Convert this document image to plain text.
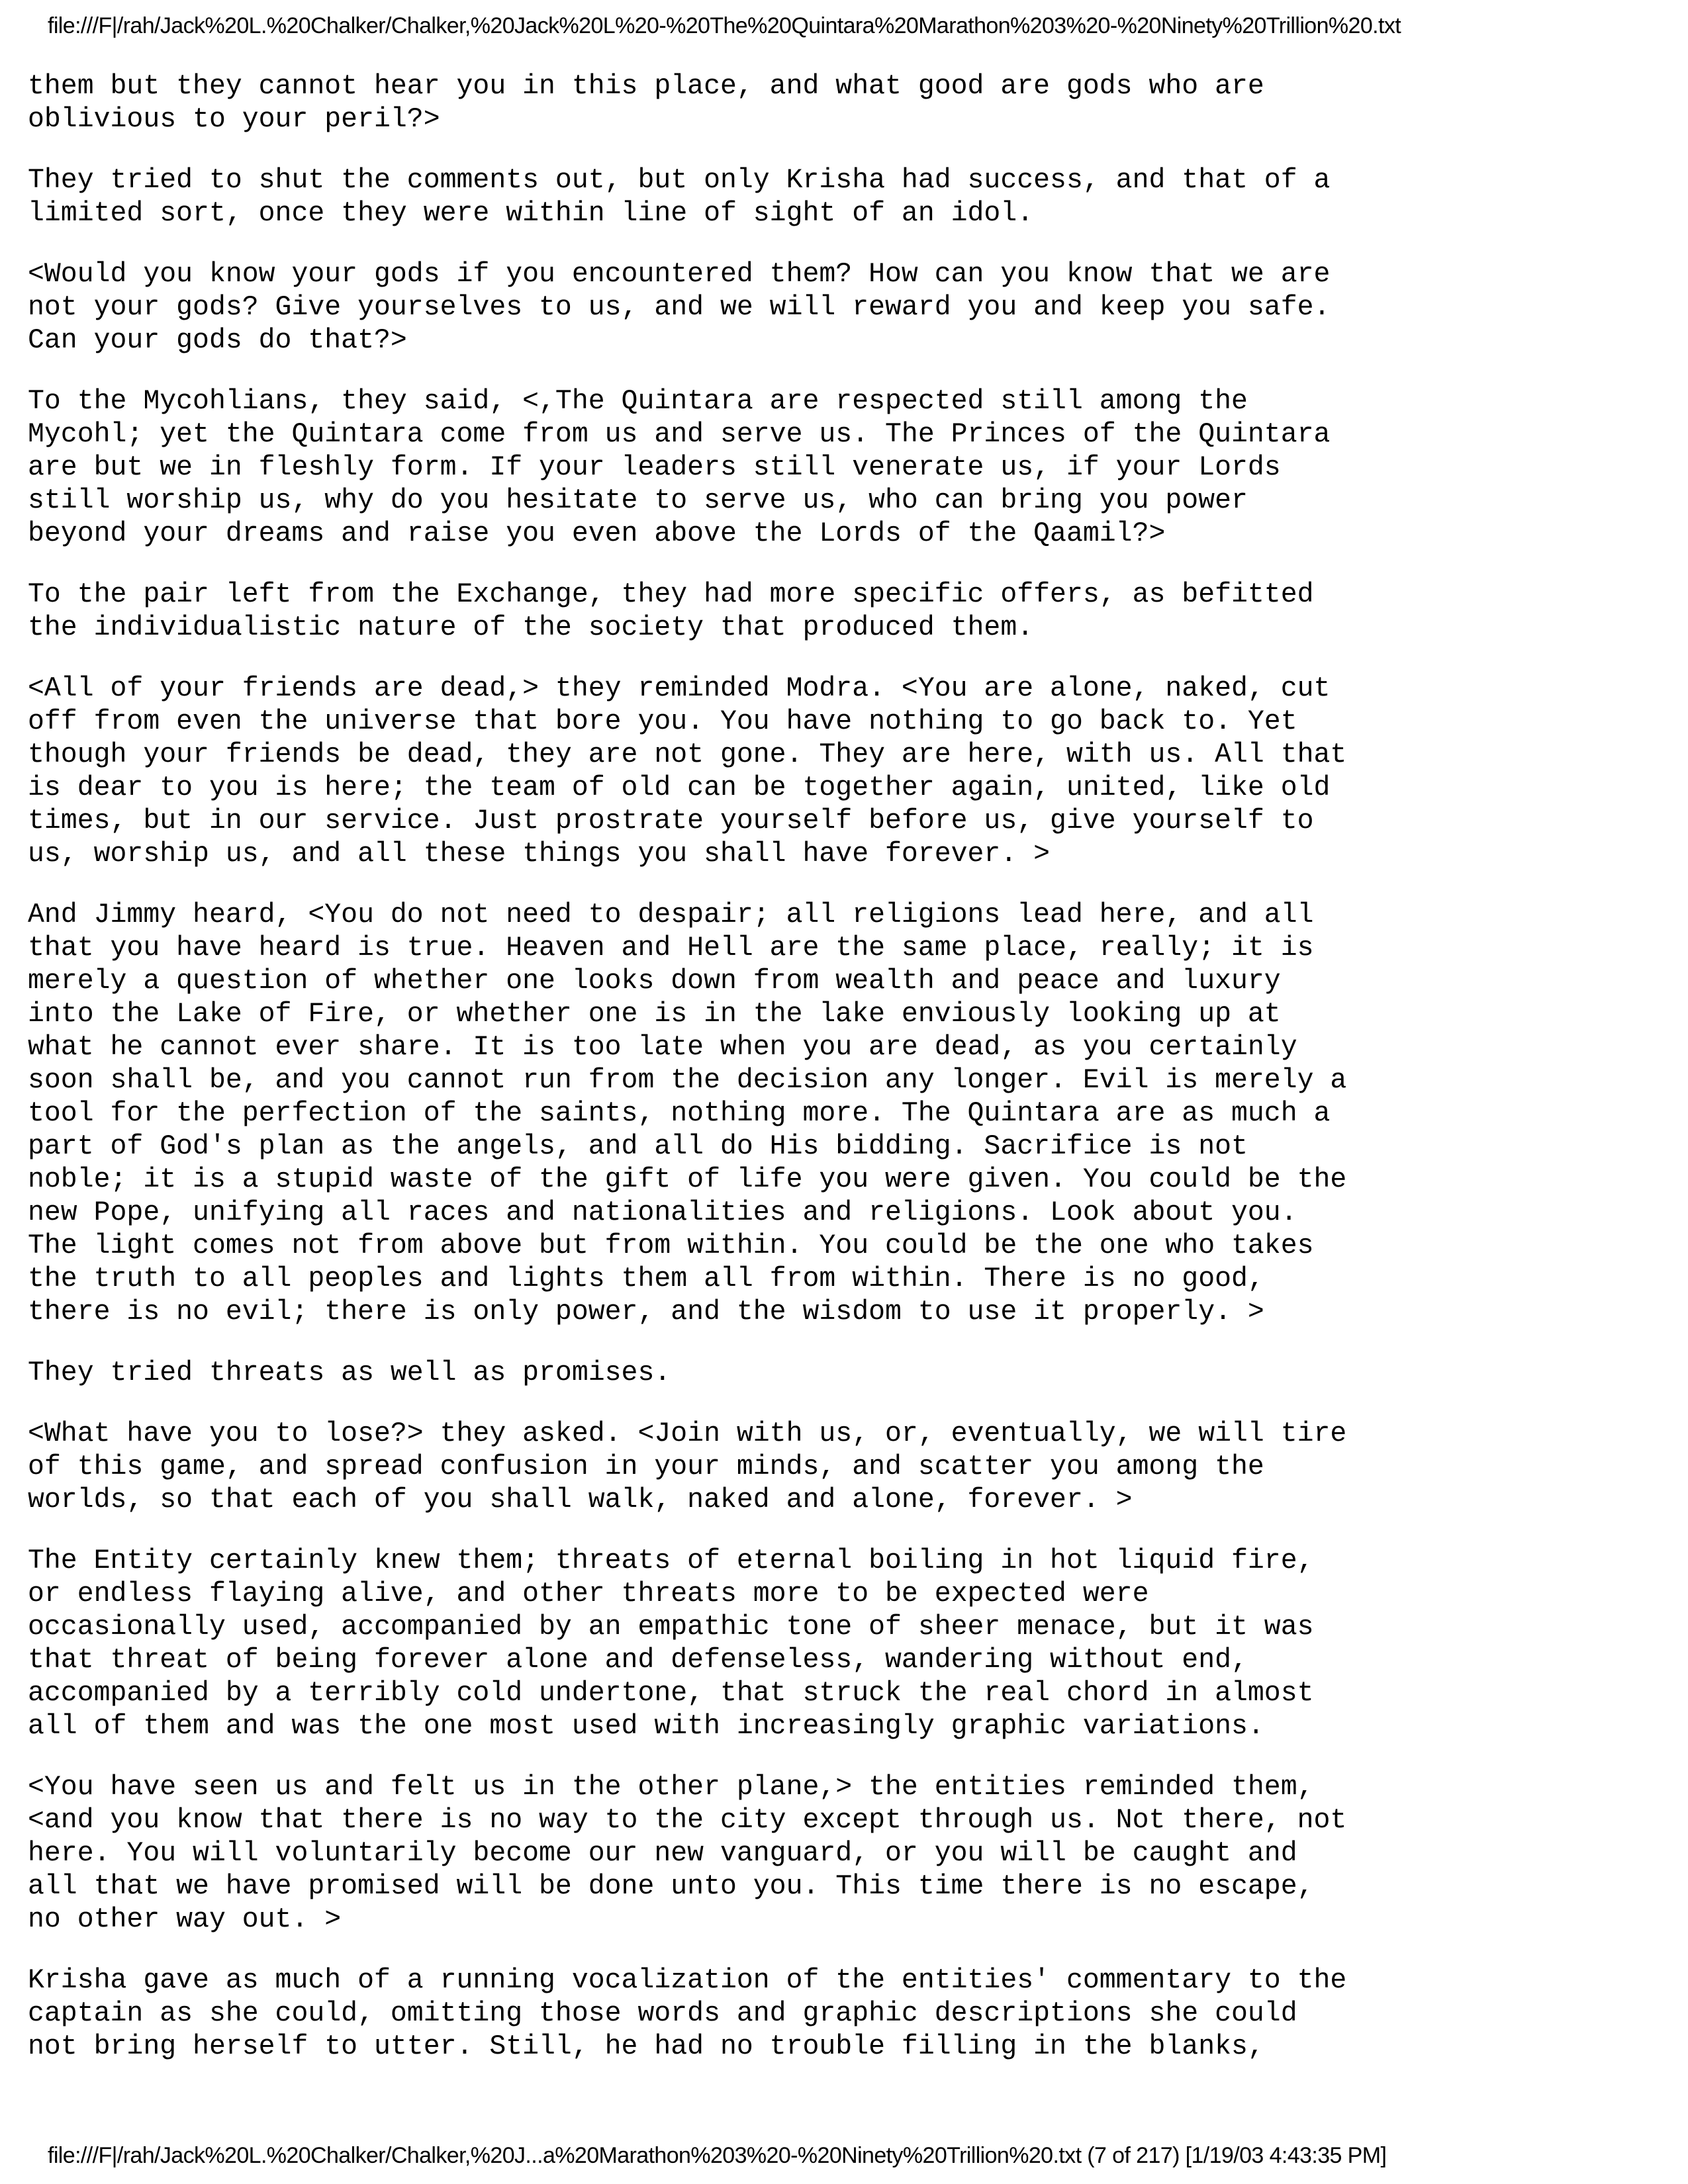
file:///F|/rah/Jack%20L.%20Chalker/Chalker,%20Jack%20L%20-%20The%20Quintara%20Marathon%203%20-%20Ninety%20Trillion%20.txt

them but they cannot hear you in this place, and what good are gods who are
oblivious to your peril?>

They tried to shut the comments out, but only Krisha had success, and that of a
limited sort, once they were within line of sight of an idol.

<Would you know your gods if you encountered them? How can you know that we are
not your gods? Give yourselves to us, and we will reward you and keep you safe.
Can your gods do that?>

To the Mycohlians, they said, <,The Quintara are respected still among the
Mycohl; yet the Quintara come from us and serve us. The Princes of the Quintara
are but we in fleshly form. If your leaders still venerate us, if your Lords
still worship us, why do you hesitate to serve us, who can bring you power
beyond your dreams and raise you even above the Lords of the Qaamil?>

To the pair left from the Exchange, they had more specific offers, as befitted
the individualistic nature of the society that produced them.

<All of your friends are dead,> they reminded Modra. <You are alone, naked, cut
off from even the universe that bore you. You have nothing to go back to. Yet
though your friends be dead, they are not gone. They are here, with us. All that
is dear to you is here; the team of old can be together again, united, like old
times, but in our service. Just prostrate yourself before us, give yourself to
us, worship us, and all these things you shall have forever. >

And Jimmy heard, <You do not need to despair; all religions lead here, and all
that you have heard is true. Heaven and Hell are the same place, really; it is
merely a question of whether one looks down from wealth and peace and luxury
into the Lake of Fire, or whether one is in the lake enviously looking up at
what he cannot ever share. It is too late when you are dead, as you certainly
soon shall be, and you cannot run from the decision any longer. Evil is merely a
tool for the perfection of the saints, nothing more. The Quintara are as much a
part of God's plan as the angels, and all do His bidding. Sacrifice is not
noble; it is a stupid waste of the gift of life you were given. You could be the
new Pope, unifying all races and nationalities and religions. Look about you.
The light comes not from above but from within. You could be the one who takes
the truth to all peoples and lights them all from within. There is no good,
there is no evil; there is only power, and the wisdom to use it properly. >

They tried threats as well as promises.

<What have you to lose?> they asked. <Join with us, or, eventually, we will tire
of this game, and spread confusion in your minds, and scatter you among the
worlds, so that each of you shall walk, naked and alone, forever. >

The Entity certainly knew them; threats of eternal boiling in hot liquid fire,
or endless flaying alive, and other threats more to be expected were
occasionally used, accompanied by an empathic tone of sheer menace, but it was
that threat of being forever alone and defenseless, wandering without end,
accompanied by a terribly cold undertone, that struck the real chord in almost
all of them and was the one most used with increasingly graphic variations.

<You have seen us and felt us in the other plane,> the entities reminded them,
<and you know that there is no way to the city except through us. Not there, not
here. You will voluntarily become our new vanguard, or you will be caught and
all that we have promised will be done unto you. This time there is no escape,
no other way out. >

Krisha gave as much of a running vocalization of the entities' commentary to the
captain as she could, omitting those words and graphic descriptions she could
not bring herself to utter. Still, he had no trouble filling in the blanks,

file:///F|/rah/Jack%20L.%20Chalker/Chalker,%20J...a%20Marathon%203%20-%20Ninety%20Trillion%20.txt (7 of 217) [1/19/03 4:43:35 PM]
